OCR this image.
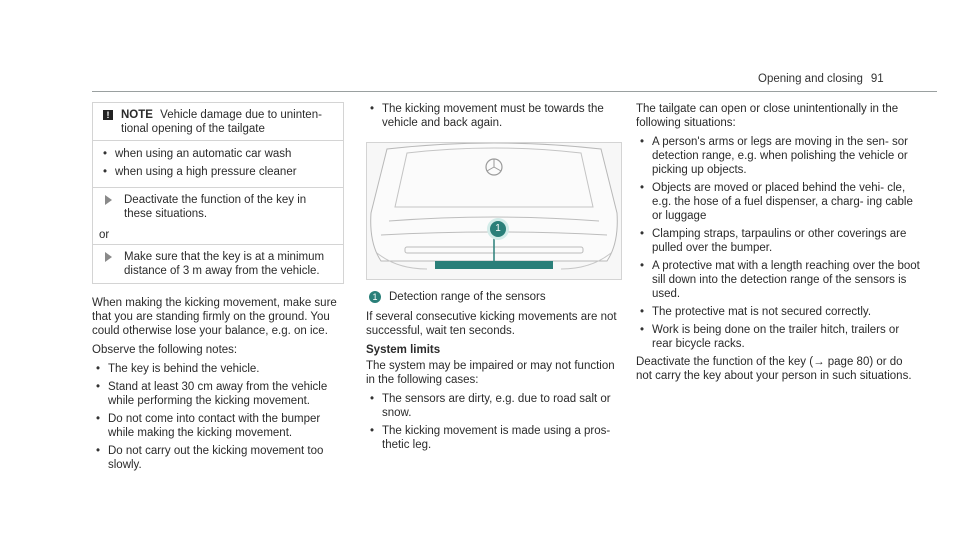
Opening and closing 91
!	NOTE Vehicle damage due to uninten- tional opening of the tailgate
• when using an automatic car wash
• when using a high pressure cleaner
Deactivate the function of the key in these situations.
or
Make sure that the key is at a minimum distance of 3 m away from the vehicle.

When making the kicking movement, make sure that you are standing firmly on the ground. You could otherwise lose your balance, e.g. on ice.

Observe the following notes:

• The key is behind the vehicle.
• Stand at least 30 cm away from the vehicle while performing the kicking movement.
• Do not come into contact with the bumper while making the kicking movement.
• Do not carry out the kicking movement too slowly.
• The kicking movement must be towards the vehicle and back again.
1
1	Detection range of the sensors

If several consecutive kicking movements are not successful, wait ten seconds.

System limits

The system may be impaired or may not function in the following cases:

• The sensors are dirty, e.g. due to road salt or snow.
• The kicking movement is made using a pros- thetic leg.

The tailgate can open or close unintentionally in the following situations:

• A person's arms or legs are moving in the sen- sor detection range, e.g. when polishing the vehicle or picking up objects.
• Objects are moved or placed behind the vehi- cle, e.g. the hose of a fuel dispenser, a charg- ing cable or luggage
• Clamping straps, tarpaulins or other coverings are pulled over the bumper.
• A protective mat with a length reaching over the boot sill down into the detection range of the sensors is used.
• The protective mat is not secured correctly.
• Work is being done on the trailer hitch, trailers or rear bicycle racks.

Deactivate the function of the key (→ page 80) or do not carry the key about your person in such situations.
